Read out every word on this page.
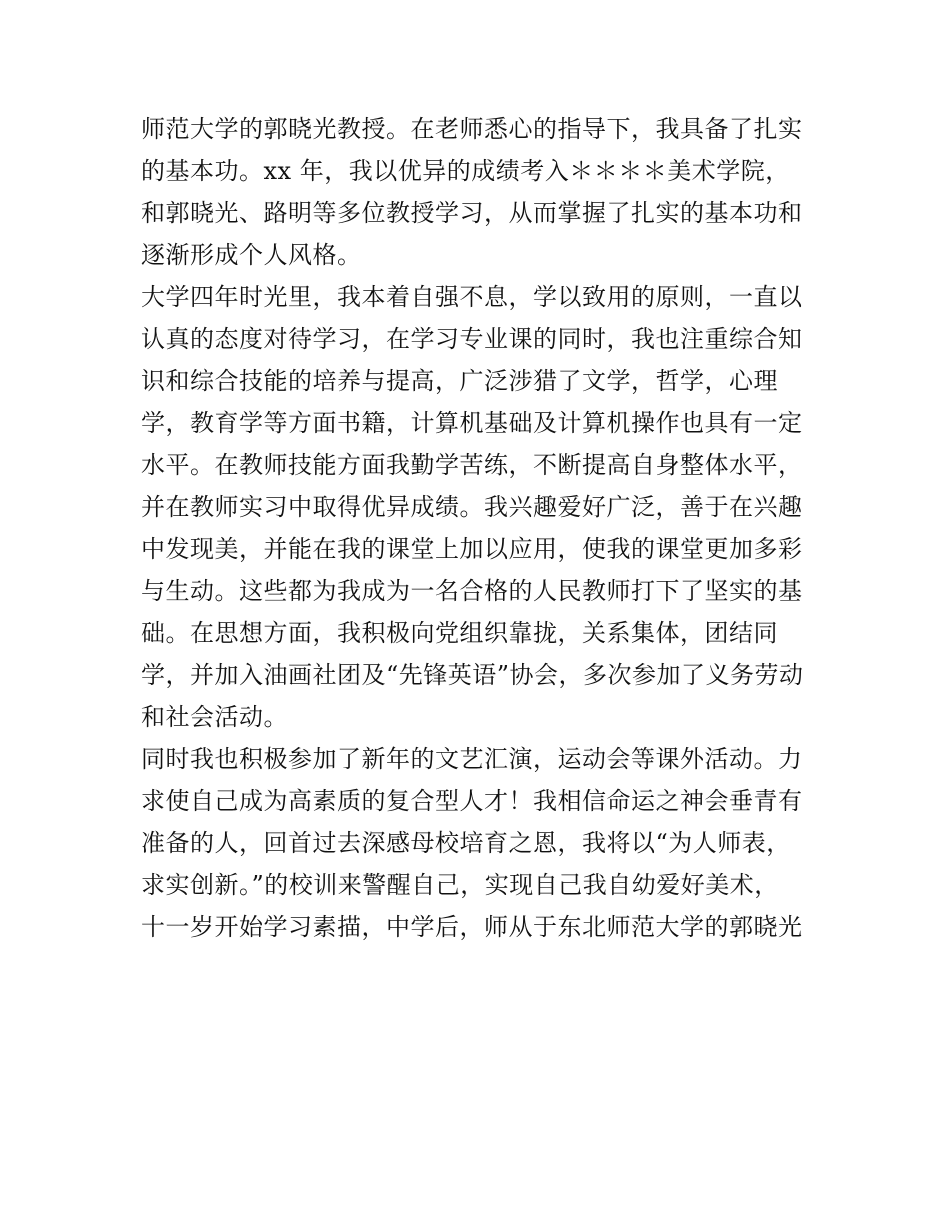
师范大学的郭晓光教授。在老师悉心的指导下，我具备了扎实
的基本功。xx 年，我以优异的成绩考入＊＊＊＊美术学院，
和郭晓光、路明等多位教授学习，从而掌握了扎实的基本功和
逐渐形成个人风格。
大学四年时光里，我本着自强不息，学以致用的原则，一直以
认真的态度对待学习，在学习专业课的同时，我也注重综合知
识和综合技能的培养与提高，广泛涉猎了文学，哲学，心理
学，教育学等方面书籍，计算机基础及计算机操作也具有一定
水平。在教师技能方面我勤学苦练，不断提高自身整体水平，
并在教师实习中取得优异成绩。我兴趣爱好广泛，善于在兴趣
中发现美，并能在我的课堂上加以应用，使我的课堂更加多彩
与生动。这些都为我成为一名合格的人民教师打下了坚实的基
础。在思想方面，我积极向党组织靠拢，关系集体，团结同
学，并加入油画社团及“先锋英语”协会，多次参加了义务劳动
和社会活动。
同时我也积极参加了新年的文艺汇演，运动会等课外活动。力
求使自己成为高素质的复合型人才！我相信命运之神会垂青有
准备的人，回首过去深感母校培育之恩，我将以“为人师表，
求实创新。”的校训来警醒自己，实现自己我自幼爱好美术，
十一岁开始学习素描，中学后，师从于东北师范大学的郭晓光
